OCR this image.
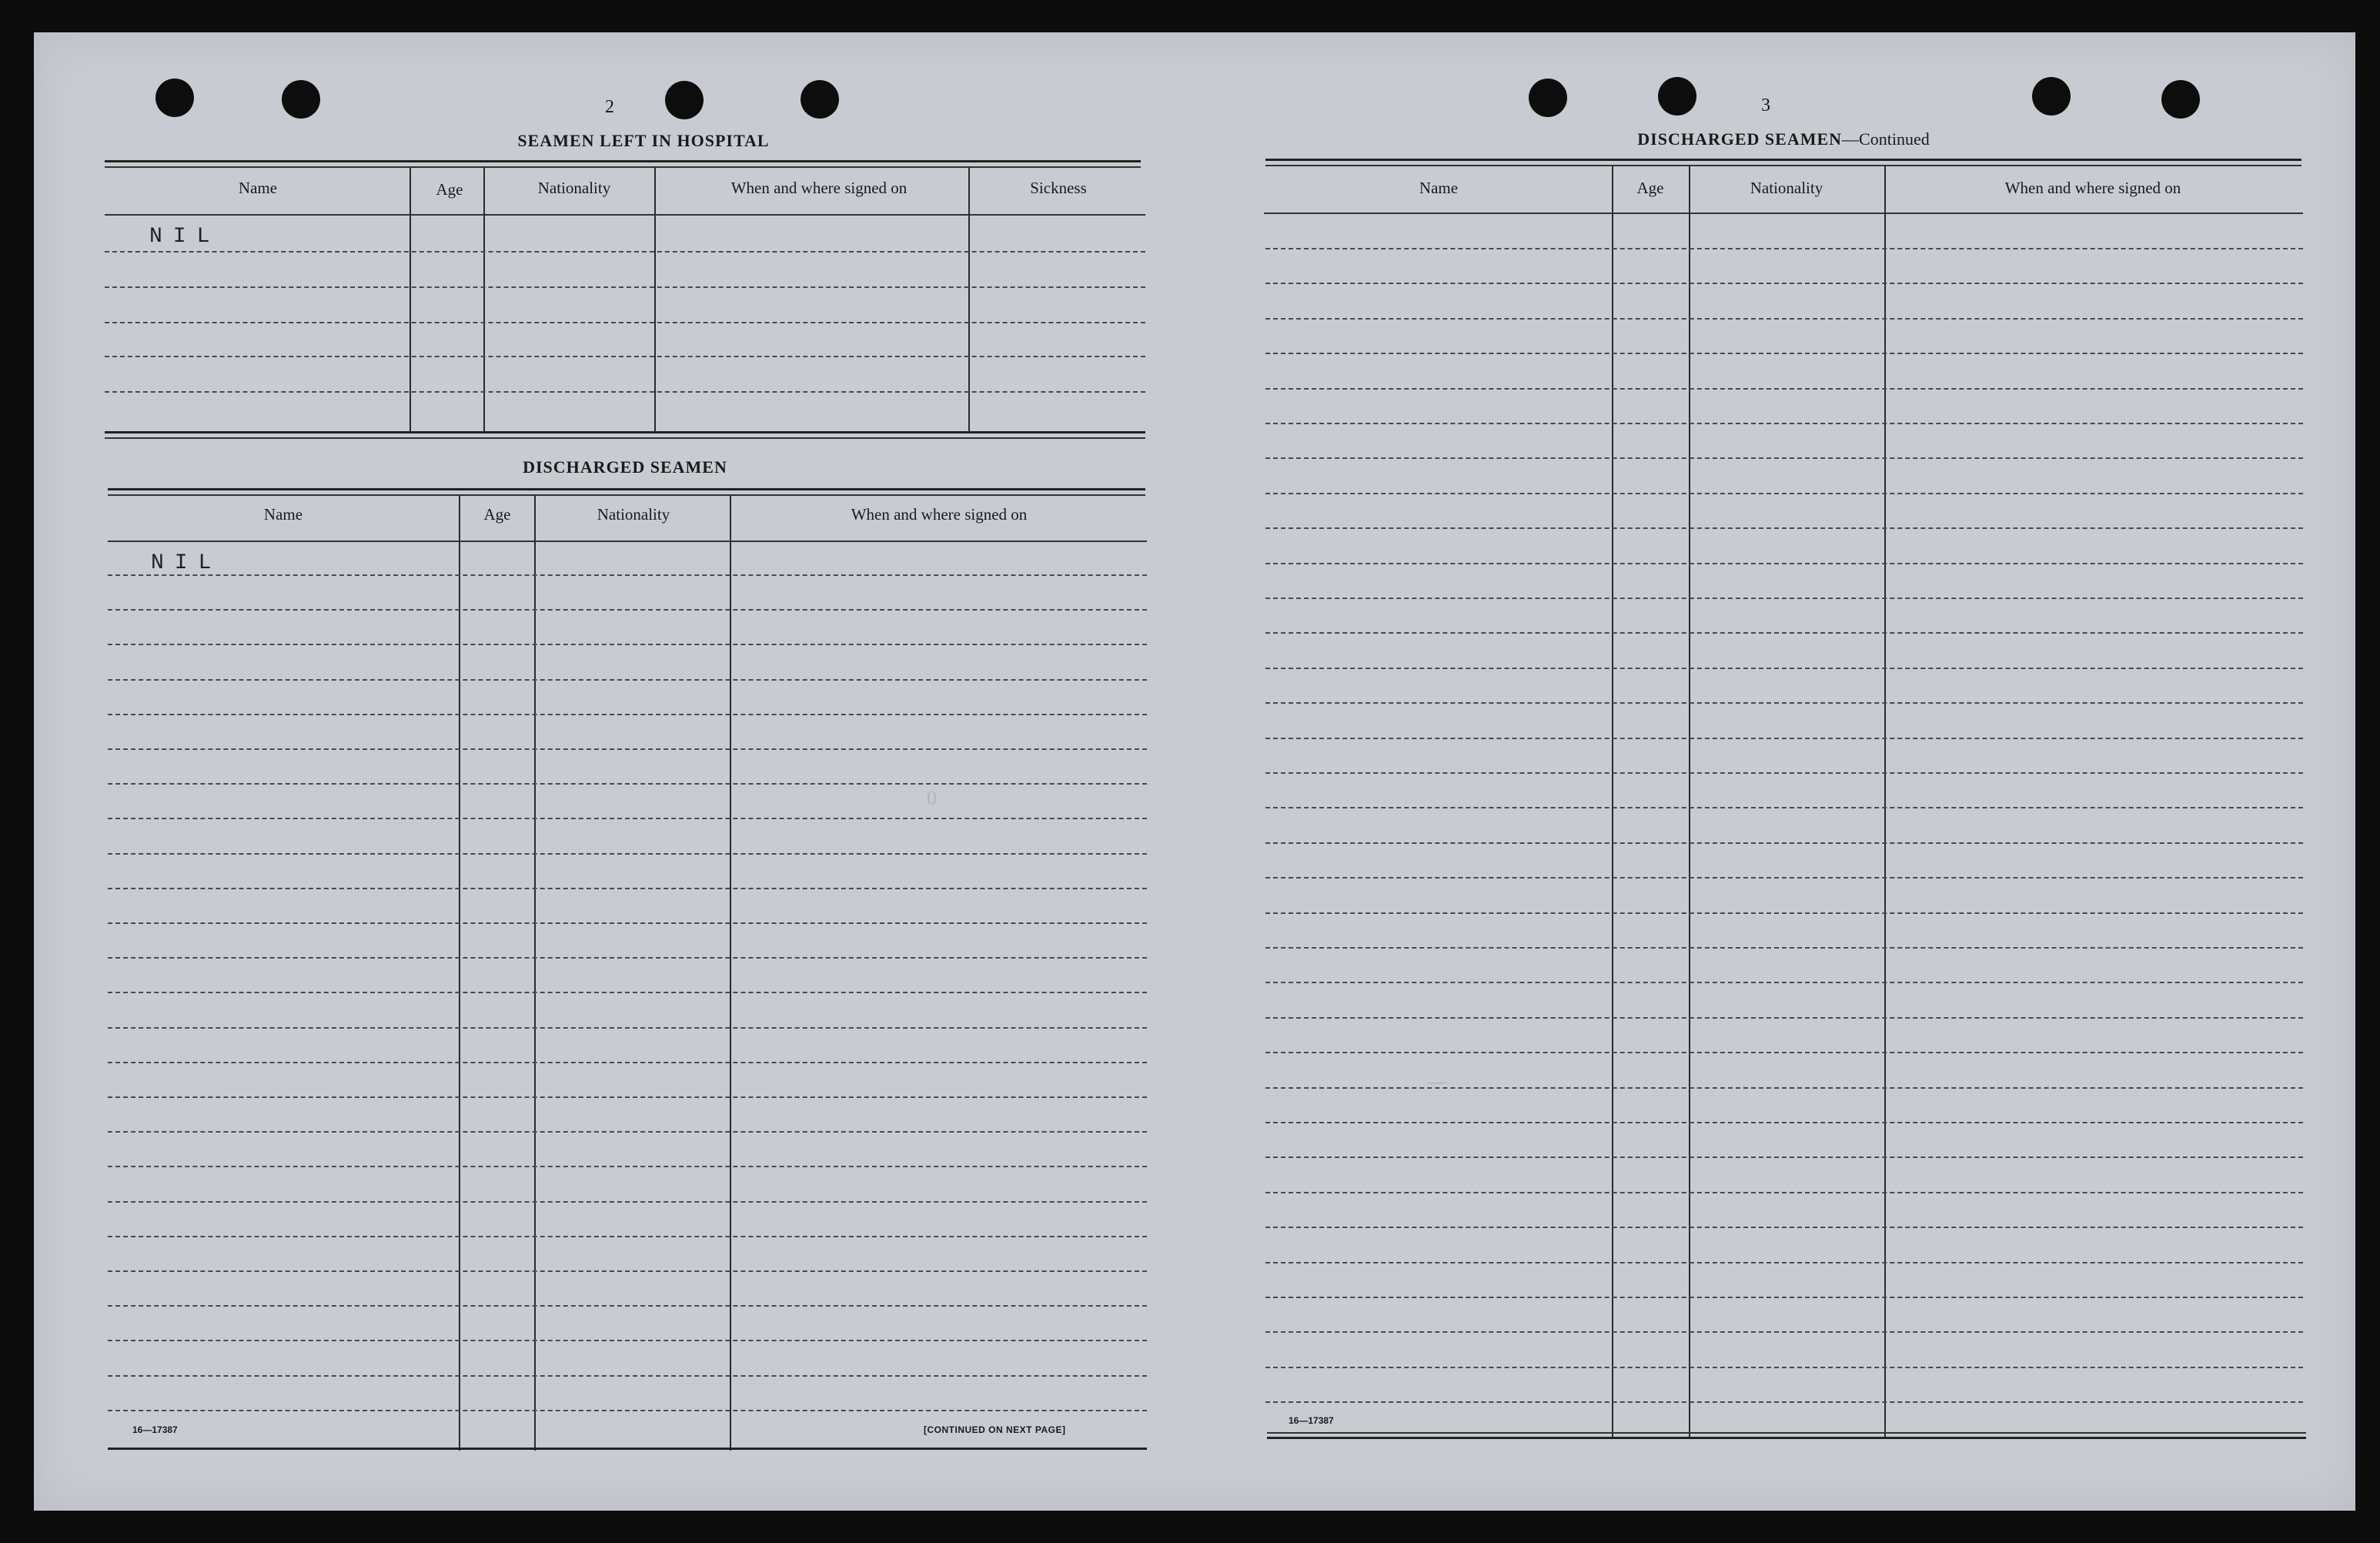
2
SEAMEN LEFT IN HOSPITAL
Name	Age	Nationality	When and where signed on	Sickness
NIL
DISCHARGED SEAMEN
Name	Age	Nationality	When and where signed on
NIL
16—17387	[CONTINUED ON NEXT PAGE]
0
—
3
DISCHARGED SEAMEN—Continued
Name	Age	Nationality	When and where signed on
16—17387
